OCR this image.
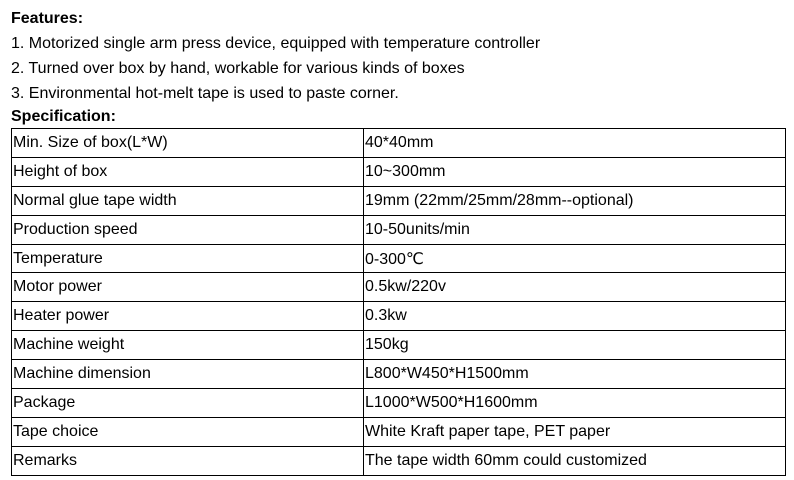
Features:
1. Motorized single arm press device, equipped with temperature controller
2. Turned over box by hand, workable for various kinds of boxes
3. Environmental hot-melt tape is used to paste corner.
Specification:
Min. Size of box(L*W)	40*40mm
Height of box	10~300mm
Normal glue tape width	19mm (22mm/25mm/28mm--optional)
Production speed	10-50units/min
Temperature	0-300℃
Motor power	0.5kw/220v
Heater power	0.3kw
Machine weight	150kg
Machine dimension	L800*W450*H1500mm
Package	L1000*W500*H1600mm
Tape choice	White Kraft paper tape, PET paper
Remarks	The tape width 60mm could customized
